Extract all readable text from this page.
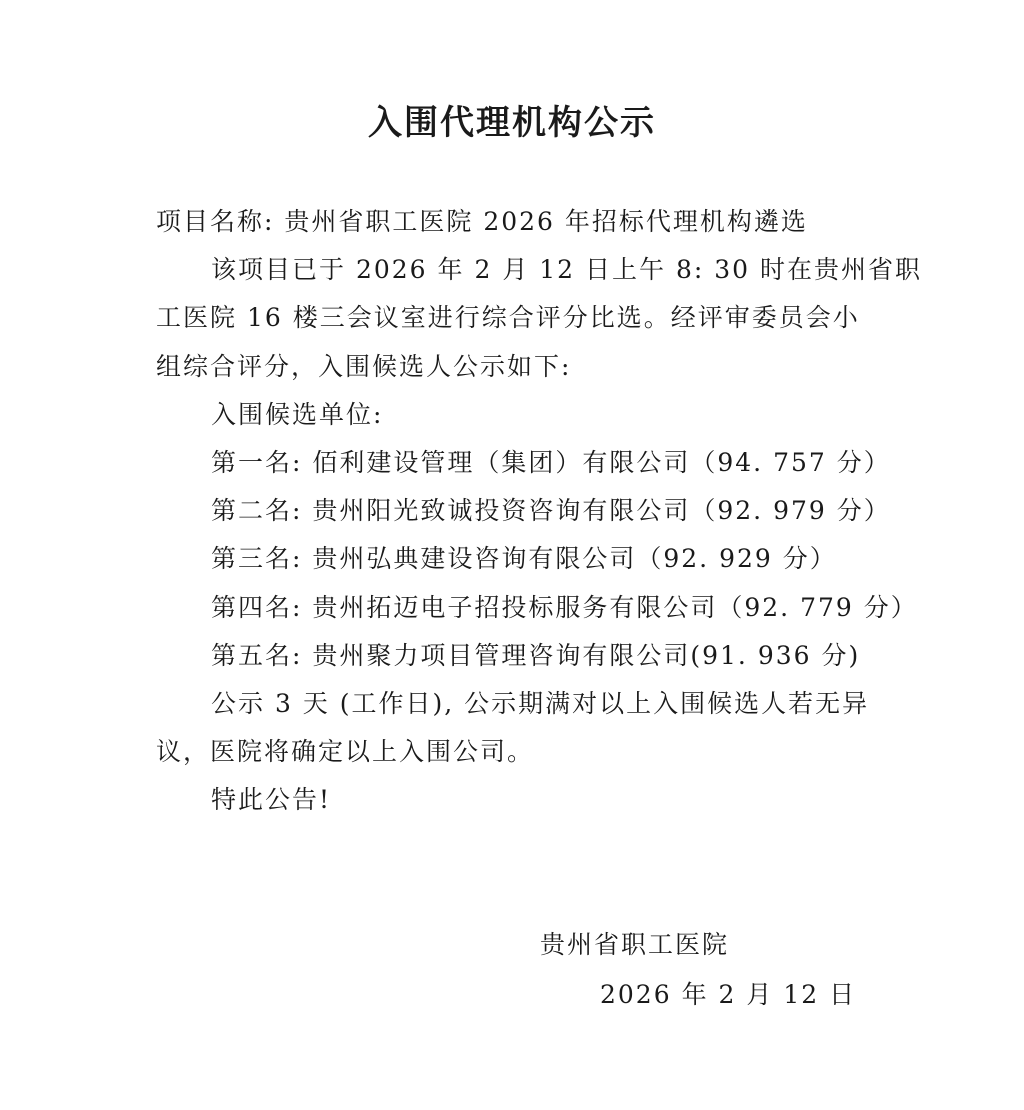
入围代理机构公示

项目名称: 贵州省职工医院 2026 年招标代理机构遴选

该项目已于 2026 年 2 月 12 日上午 8: 30 时在贵州省职

工医院 16 楼三会议室进行综合评分比选。经评审委员会小

组综合评分，入围候选人公示如下:

入围候选单位:

第一名: 佰利建设管理（集团）有限公司（94. 757 分）

第二名: 贵州阳光致诚投资咨询有限公司（92. 979 分）

第三名: 贵州弘典建设咨询有限公司（92. 929 分）

第四名: 贵州拓迈电子招投标服务有限公司（92. 779 分）

第五名: 贵州聚力项目管理咨询有限公司(91. 936 分)

公示 3 天 (工作日), 公示期满对以上入围候选人若无异

议，医院将确定以上入围公司。

特此公告!

贵州省职工医院

2026 年 2 月 12 日
